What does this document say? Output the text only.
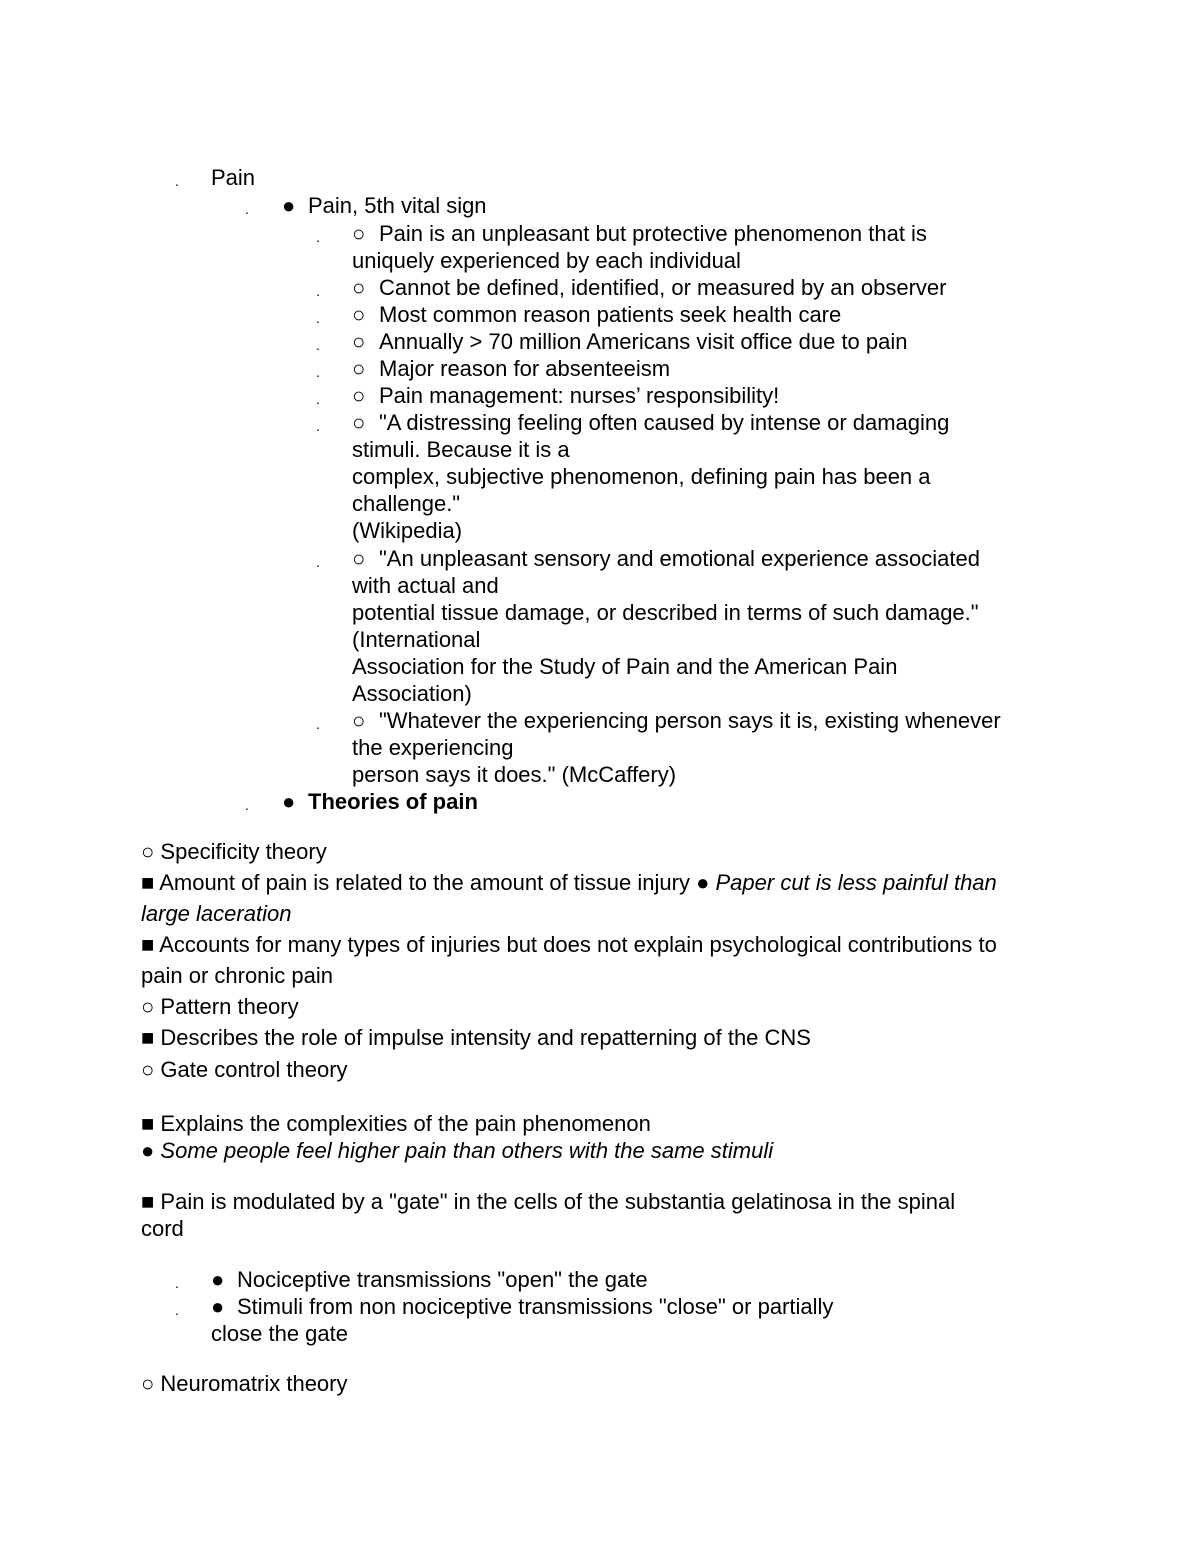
. Pain
. ● Pain, 5th vital sign
. ○ Pain is an unpleasant but protective phenomenon that is
uniquely experienced by each individual
. ○ Cannot be defined, identified, or measured by an observer
. ○ Most common reason patients seek health care
. ○ Annually > 70 million Americans visit office due to pain
. ○ Major reason for absenteeism
. ○ Pain management: nurses’ responsibility!
. ○ "A distressing feeling often caused by intense or damaging
stimuli. Because it is a
complex, subjective phenomenon, defining pain has been a
challenge."
(Wikipedia)
. ○ "An unpleasant sensory and emotional experience associated
with actual and
potential tissue damage, or described in terms of such damage."
(International
Association for the Study of Pain and the American Pain
Association)
. ○ "Whatever the experiencing person says it is, existing whenever
the experiencing
person says it does." (McCaffery)
. ● Theories of pain
○ Specificity theory
■ Amount of pain is related to the amount of tissue injury ● Paper cut is less painful than
large laceration
■ Accounts for many types of injuries but does not explain psychological contributions to
pain or chronic pain
○ Pattern theory
■ Describes the role of impulse intensity and repatterning of the CNS
○ Gate control theory
■ Explains the complexities of the pain phenomenon
● Some people feel higher pain than others with the same stimuli
■ Pain is modulated by a "gate" in the cells of the substantia gelatinosa in the spinal
cord
. ● Nociceptive transmissions "open" the gate
. ● Stimuli from non nociceptive transmissions "close" or partially
close the gate
○ Neuromatrix theory
